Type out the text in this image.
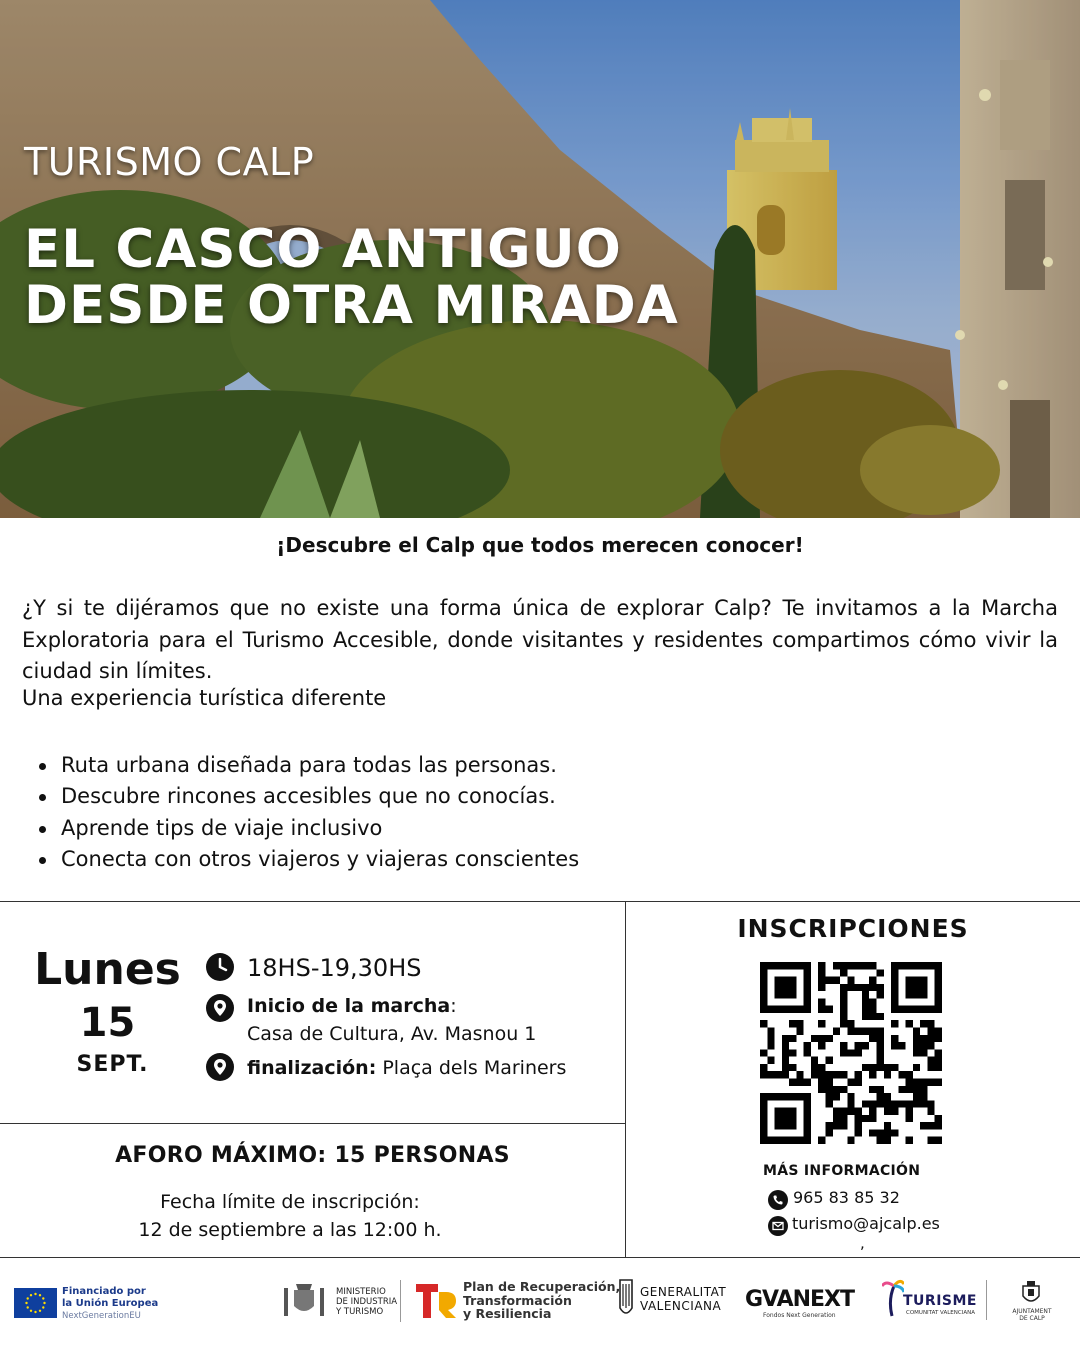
TURISMO CALP
EL CASCO ANTIGUO
DESDE OTRA MIRADA
¡Descubre el Calp que todos merecen conocer!

¿Y si te dijéramos que no existe una forma única de explorar Calp? Te invitamos a la Marcha Exploratoria para el Turismo Accesible, donde visitantes y residentes compartimos cómo vivir la ciudad sin límites.

Una experiencia turística diferente
Ruta urbana diseñada para todas las personas.
Descubre rincones accesibles que no conocías.
Aprende tips de viaje inclusivo
Conecta con otros viajeros y viajeras conscientes
Lunes
15
SEPT.
18HS-19,30HS
Inicio de la marcha:
Casa de Cultura, Av. Masnou 1
finalización: Plaça dels Mariners
AFORO MÁXIMO: 15 PERSONAS
Fecha límite de inscripción:
12 de septiembre a las 12:00 h.
INSCRIPCIONES
MÁS INFORMACIÓN
965 83 85 32
turismo@ajcalp.es
,
Financiado por
la Unión Europea
NextGenerationEU
MINISTERIO
DE INDUSTRIA
Y TURISMO
Plan de Recuperación,
Transformación
y Resiliencia
GENERALITAT
VALENCIANA GVANEXT
Fondos Next Generation
TURISME
COMUNITAT VALENCIANA	AJUNTAMENT
DE CALP
